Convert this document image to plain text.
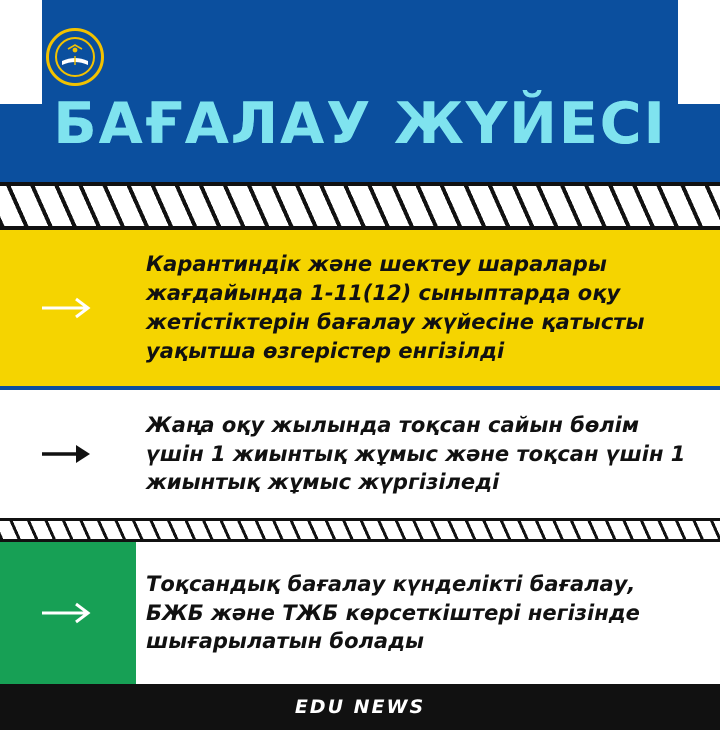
БАҒАЛАУ ЖҮЙЕСІ

Карантиндік және шектеу шаралары жағдайында 1-11(12) сыныптарда оқу жетістіктерін бағалау жүйесіне қатысты уақытша өзгерістер енгізілді

Жаңа оқу жылында тоқсан сайын бөлім үшін 1 жиынтық жұмыс және тоқсан үшін 1 жиынтық жұмыс жүргізіледі

Тоқсандық бағалау күнделікті бағалау, БЖБ және ТЖБ көрсеткіштері негізінде шығарылатын болады

EDU NEWS
